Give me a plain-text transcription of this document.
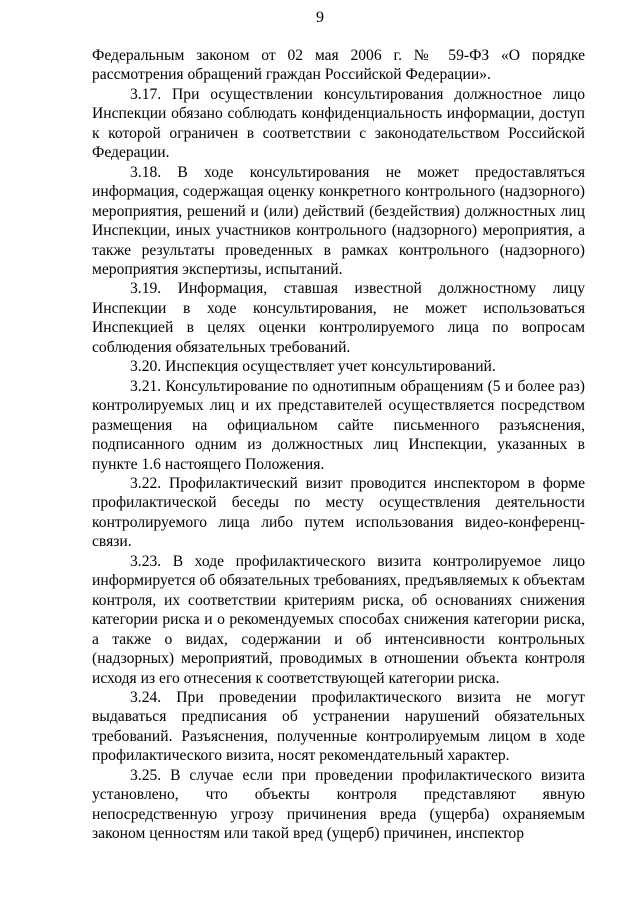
9

Федеральным законом от 02 мая 2006 г. № 59-ФЗ «О порядке рассмотрения обращений граждан Российской Федерации».

3.17. При осуществлении консультирования должностное лицо Инспекции обязано соблюдать конфиденциальность информации, доступ к которой ограничен в соответствии с законодательством Российской Федерации.

3.18. В ходе консультирования не может предоставляться информация, содержащая оценку конкретного контрольного (надзорного) мероприятия, решений и (или) действий (бездействия) должностных лиц Инспекции, иных участников контрольного (надзорного) мероприятия, а также результаты проведенных в рамках контрольного (надзорного) мероприятия экспертизы, испытаний.

3.19. Информация, ставшая известной должностному лицу Инспекции в ходе консультирования, не может использоваться Инспекцией в целях оценки контролируемого лица по вопросам соблюдения обязательных требований.

3.20. Инспекция осуществляет учет консультирований.

3.21. Консультирование по однотипным обращениям (5 и более раз) контролируемых лиц и их представителей осуществляется посредством размещения на официальном сайте письменного разъяснения, подписанного одним из должностных лиц Инспекции, указанных в пункте 1.6 настоящего Положения.

3.22. Профилактический визит проводится инспектором в форме профилактической беседы по месту осуществления деятельности контролируемого лица либо путем использования видео-конференц-связи.

3.23. В ходе профилактического визита контролируемое лицо информируется об обязательных требованиях, предъявляемых к объектам контроля, их соответствии критериям риска, об основаниях снижения категории риска и о рекомендуемых способах снижения категории риска, а также о видах, содержании и об интенсивности контрольных (надзорных) мероприятий, проводимых в отношении объекта контроля исходя из его отнесения к соответствующей категории риска.

3.24. При проведении профилактического визита не могут выдаваться предписания об устранении нарушений обязательных требований. Разъяснения, полученные контролируемым лицом в ходе профилактического визита, носят рекомендательный характер.

3.25. В случае если при проведении профилактического визита установлено, что объекты контроля представляют явную непосредственную угрозу причинения вреда (ущерба) охраняемым законом ценностям или такой вред (ущерб) причинен, инспектор
